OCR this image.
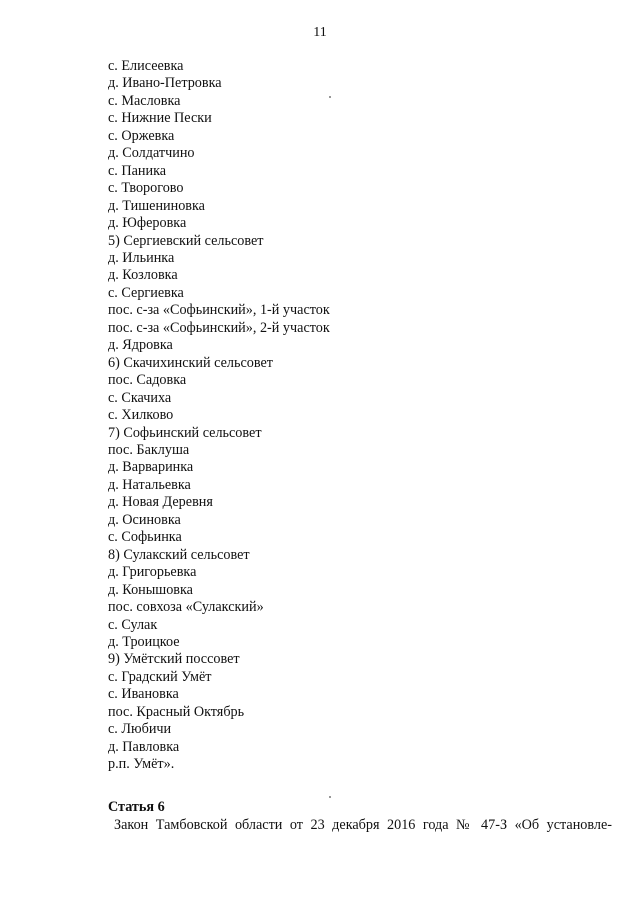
11
с. Елисеевка
д. Ивано-Петровка
с. Масловка
с. Нижние Пески
с. Оржевка
д. Солдатчино
с. Паника
с. Творогово
д. Тишениновка
д. Юферовка
5) Сергиевский сельсовет
д. Ильинка
д. Козловка
с. Сергиевка
пос. с-за «Софьинский», 1-й участок
пос. с-за «Софьинский», 2-й участок
д. Ядровка
6) Скачихинский сельсовет
пос. Садовка
с. Скачиха
с. Хилково
7) Софьинский сельсовет
пос. Баклуша
д. Варваринка
д. Натальевка
д. Новая Деревня
д. Осиновка
с. Софьинка
8) Сулакский сельсовет
д. Григорьевка
д. Конышовка
пос. совхоза «Сулакский»
с. Сулак
д. Троицкое
9) Умётский поссовет
с. Градский Умёт
с. Ивановка
пос. Красный Октябрь
с. Любичи
д. Павловка
р.п. Умёт».
Статья 6
Закон Тамбовской области от 23 декабря 2016 года № 47-З «Об установле-
